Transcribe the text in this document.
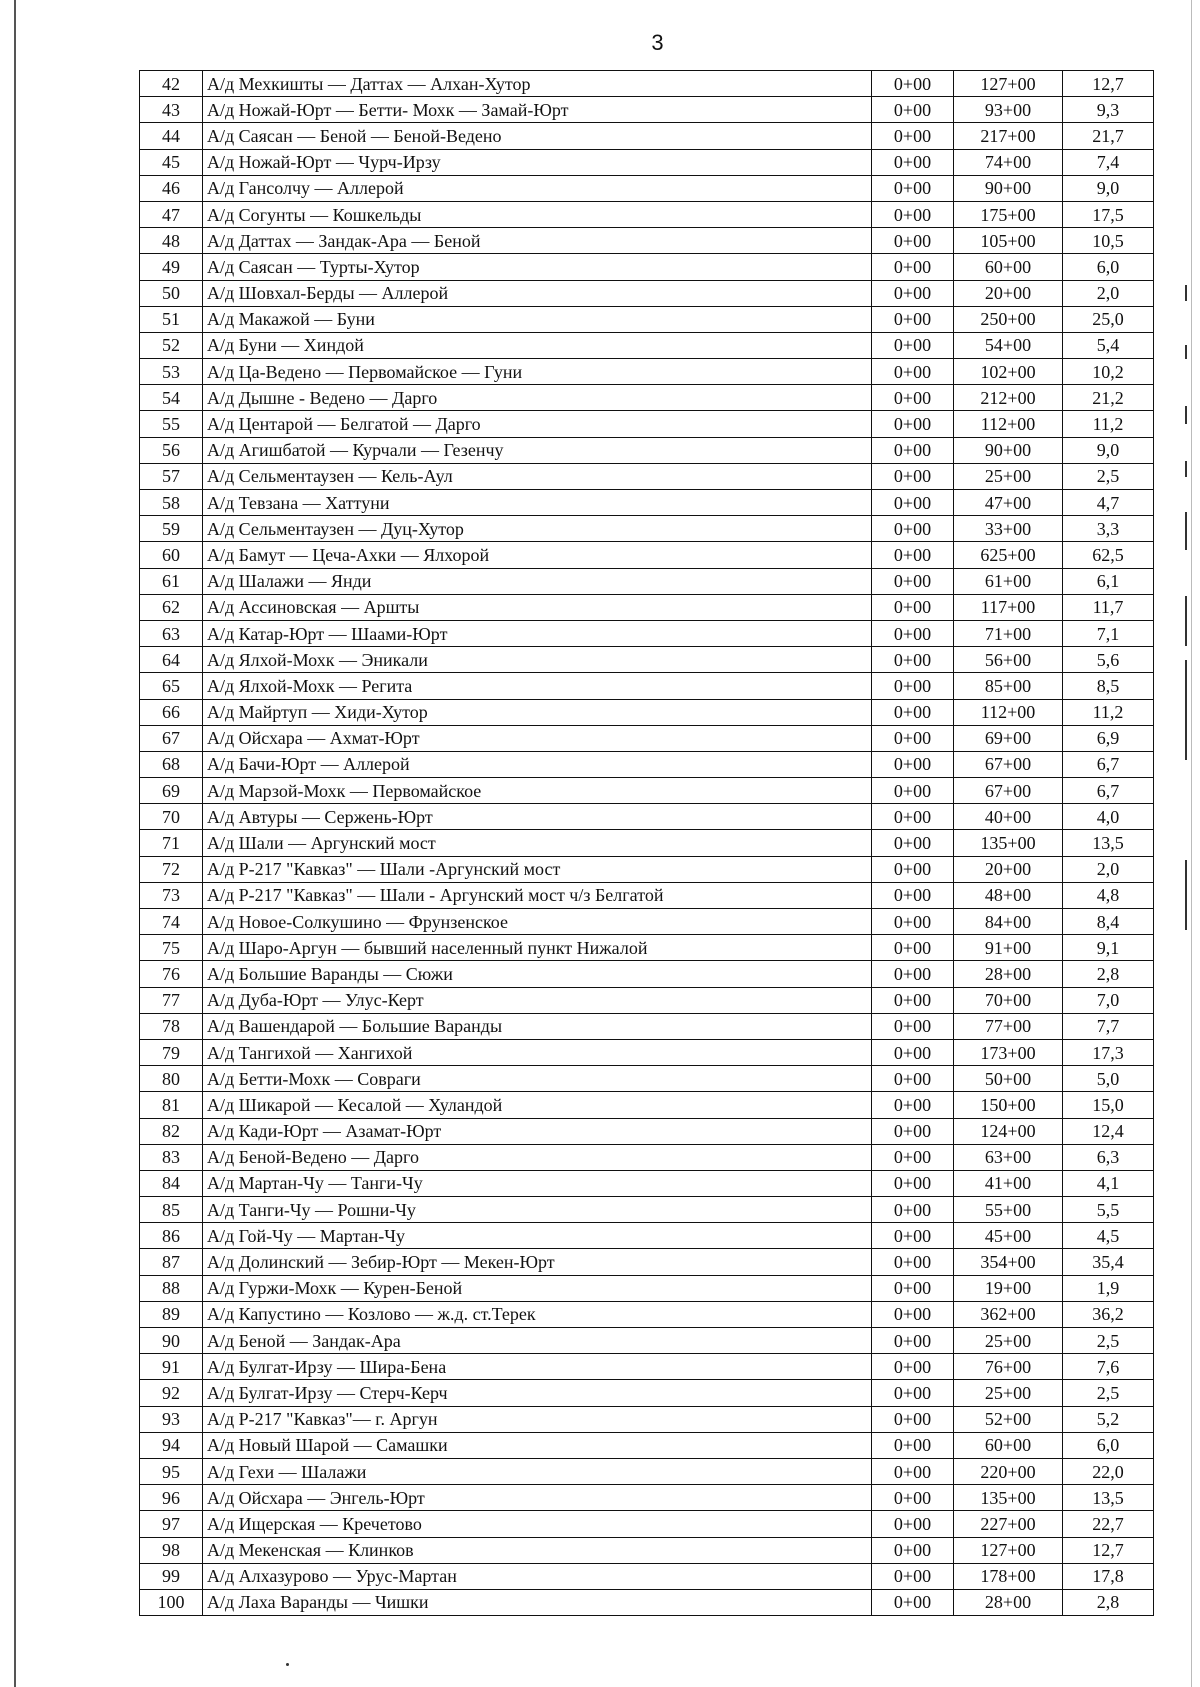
3
42	А/д Мехкишты — Даттах — Алхан-Хутор	0+00	127+00	12,7
43	А/д Ножай-Юрт — Бетти- Мохк — Замай-Юрт	0+00	93+00	9,3
44	А/д Саясан — Беной — Беной-Ведено	0+00	217+00	21,7
45	А/д Ножай-Юрт — Чурч-Ирзу	0+00	74+00	7,4
46	А/д Гансолчу — Аллерой	0+00	90+00	9,0
47	А/д Согунты — Кошкельды	0+00	175+00	17,5
48	А/д Даттах — Зандак-Ара — Беной	0+00	105+00	10,5
49	А/д Саясан — Турты-Хутор	0+00	60+00	6,0
50	А/д Шовхал-Берды — Аллерой	0+00	20+00	2,0
51	А/д Макажой — Буни	0+00	250+00	25,0
52	А/д Буни — Хиндой	0+00	54+00	5,4
53	А/д Ца-Ведено — Первомайское — Гуни	0+00	102+00	10,2
54	А/д Дышне - Ведено — Дарго	0+00	212+00	21,2
55	А/д Центарой — Белгатой — Дарго	0+00	112+00	11,2
56	А/д Агишбатой — Курчали — Гезенчу	0+00	90+00	9,0
57	А/д Сельментаузен — Кель-Аул	0+00	25+00	2,5
58	А/д Тевзана — Хаттуни	0+00	47+00	4,7
59	А/д Сельментаузен — Дуц-Хутор	0+00	33+00	3,3
60	А/д Бамут — Цеча-Ахки — Ялхорой	0+00	625+00	62,5
61	А/д Шалажи — Янди	0+00	61+00	6,1
62	А/д Ассиновская — Аршты	0+00	117+00	11,7
63	А/д Катар-Юрт — Шаами-Юрт	0+00	71+00	7,1
64	А/д Ялхой-Мохк — Эникали	0+00	56+00	5,6
65	А/д Ялхой-Мохк — Регита	0+00	85+00	8,5
66	А/д Майртуп — Хиди-Хутор	0+00	112+00	11,2
67	А/д Ойсхара — Ахмат-Юрт	0+00	69+00	6,9
68	А/д Бачи-Юрт — Аллерой	0+00	67+00	6,7
69	А/д Марзой-Мохк — Первомайское	0+00	67+00	6,7
70	А/д Автуры — Сержень-Юрт	0+00	40+00	4,0
71	А/д Шали — Аргунский мост	0+00	135+00	13,5
72	А/д Р-217 "Кавказ" — Шали -Аргунский мост	0+00	20+00	2,0
73	А/д Р-217 "Кавказ" — Шали - Аргунский мост ч/з Белгатой	0+00	48+00	4,8
74	А/д Новое-Солкушино — Фрунзенское	0+00	84+00	8,4
75	А/д Шаро-Аргун — бывший населенный пункт Нижалой	0+00	91+00	9,1
76	А/д Большие Варанды — Сюжи	0+00	28+00	2,8
77	А/д Дуба-Юрт — Улус-Керт	0+00	70+00	7,0
78	А/д Вашендарой — Большие Варанды	0+00	77+00	7,7
79	А/д Тангихой — Хангихой	0+00	173+00	17,3
80	А/д Бетти-Мохк — Совраги	0+00	50+00	5,0
81	А/д Шикарой — Кесалой — Хуландой	0+00	150+00	15,0
82	А/д Кади-Юрт — Азамат-Юрт	0+00	124+00	12,4
83	А/д Беной-Ведено — Дарго	0+00	63+00	6,3
84	А/д Мартан-Чу — Танги-Чу	0+00	41+00	4,1
85	А/д Танги-Чу — Рошни-Чу	0+00	55+00	5,5
86	А/д Гой-Чу — Мартан-Чу	0+00	45+00	4,5
87	А/д Долинский — Зебир-Юрт — Мекен-Юрт	0+00	354+00	35,4
88	А/д Гуржи-Мохк — Курен-Беной	0+00	19+00	1,9
89	А/д Капустино — Козлово — ж.д. ст.Терек	0+00	362+00	36,2
90	А/д Беной — Зандак-Ара	0+00	25+00	2,5
91	А/д Булгат-Ирзу — Шира-Бена	0+00	76+00	7,6
92	А/д Булгат-Ирзу — Стерч-Керч	0+00	25+00	2,5
93	А/д Р-217 "Кавказ"— г. Аргун	0+00	52+00	5,2
94	А/д Новый Шарой — Самашки	0+00	60+00	6,0
95	А/д Гехи — Шалажи	0+00	220+00	22,0
96	А/д Ойсхара — Энгель-Юрт	0+00	135+00	13,5
97	А/д Ищерская — Кречетово	0+00	227+00	22,7
98	А/д Мекенская — Клинков	0+00	127+00	12,7
99	А/д Алхазурово — Урус-Мартан	0+00	178+00	17,8
100	А/д Лаха Варанды — Чишки	0+00	28+00	2,8
